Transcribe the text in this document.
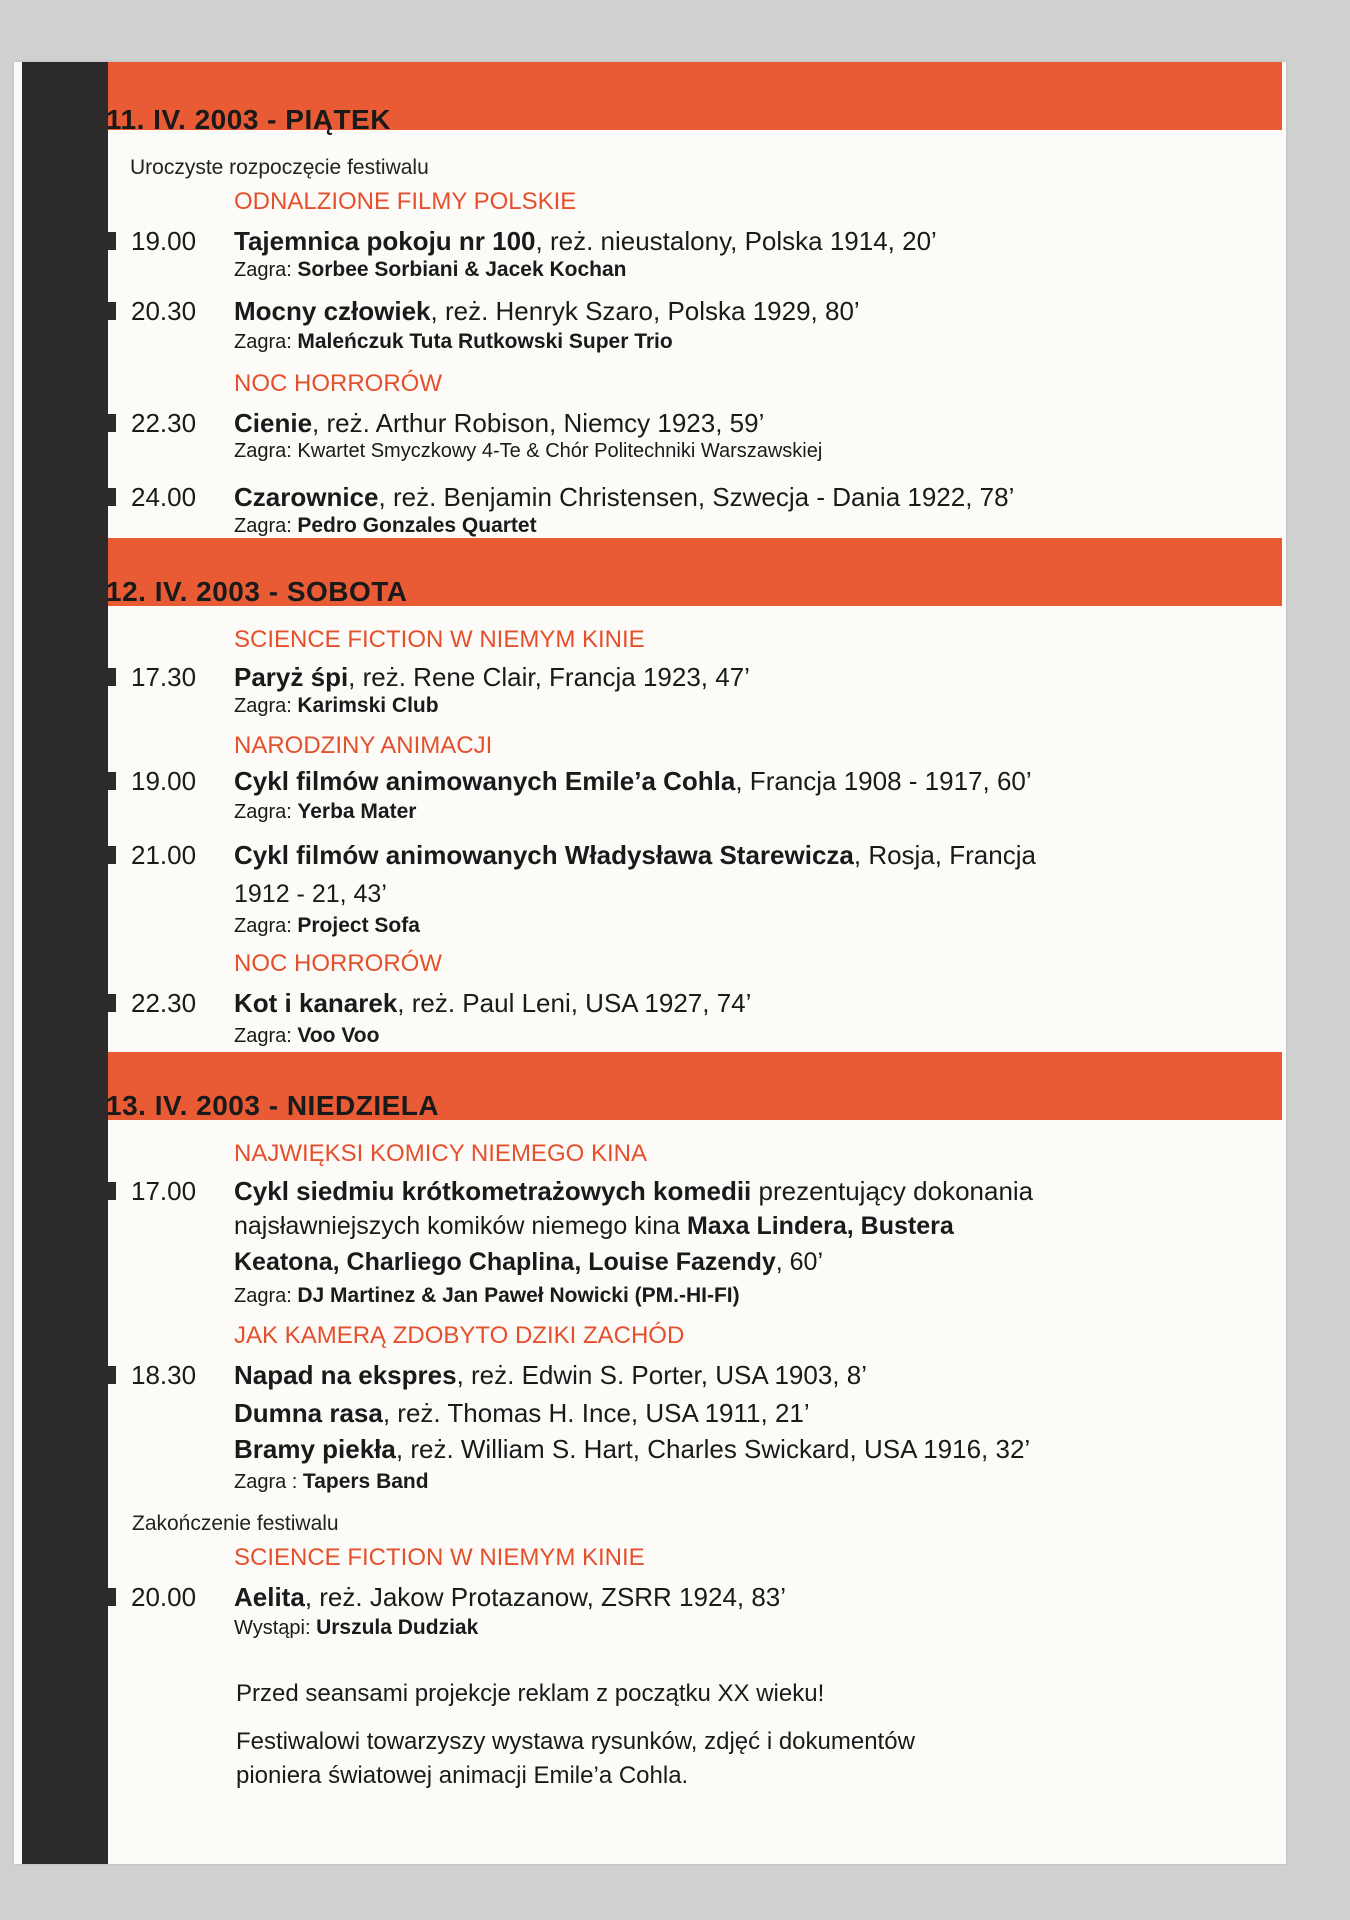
11. IV. 2003 - PIĄTEK
Uroczyste rozpoczęcie festiwalu
ODNALZIONE FILMY POLSKIE
19.00 Tajemnica pokoju nr 100, reż. nieustalony, Polska 1914, 20’
Zagra: Sorbee Sorbiani & Jacek Kochan
20.30 Mocny człowiek, reż. Henryk Szaro, Polska 1929, 80’
Zagra: Maleńczuk Tuta Rutkowski Super Trio
NOC HORRORÓW
22.30 Cienie, reż. Arthur Robison, Niemcy 1923, 59’
Zagra: Kwartet Smyczkowy 4-Te & Chór Politechniki Warszawskiej
24.00 Czarownice, reż. Benjamin Christensen, Szwecja - Dania 1922, 78’
Zagra: Pedro Gonzales Quartet
12. IV. 2003 - SOBOTA
SCIENCE FICTION W NIEMYM KINIE
17.30 Paryż śpi, reż. Rene Clair, Francja 1923, 47’
Zagra: Karimski Club
NARODZINY ANIMACJI
19.00 Cykl filmów animowanych Emile’a Cohla, Francja 1908 - 1917, 60’
Zagra: Yerba Mater
21.00 Cykl filmów animowanych Władysława Starewicza, Rosja, Francja
1912 - 21, 43’
Zagra: Project Sofa
NOC HORRORÓW
22.30 Kot i kanarek, reż. Paul Leni, USA 1927, 74’
Zagra: Voo Voo
13. IV. 2003 - NIEDZIELA
NAJWIĘKSI KOMICY NIEMEGO KINA
17.00 Cykl siedmiu krótkometrażowych komedii prezentujący dokonania
najsławniejszych komików niemego kina Maxa Lindera, Bustera
Keatona, Charliego Chaplina, Louise Fazendy, 60’
Zagra: DJ Martinez & Jan Paweł Nowicki (PM.-HI-FI)
JAK KAMERĄ ZDOBYTO DZIKI ZACHÓD
18.30 Napad na ekspres, reż. Edwin S. Porter, USA 1903, 8’
Dumna rasa, reż. Thomas H. Ince, USA 1911, 21’
Bramy piekła, reż. William S. Hart, Charles Swickard, USA 1916, 32’
Zagra : Tapers Band
Zakończenie festiwalu
SCIENCE FICTION W NIEMYM KINIE
20.00 Aelita, reż. Jakow Protazanow, ZSRR 1924, 83’
Wystąpi: Urszula Dudziak
Przed seansami projekcje reklam z początku XX wieku!
Festiwalowi towarzyszy wystawa rysunków, zdjęć i dokumentów
pioniera światowej animacji Emile’a Cohla.
